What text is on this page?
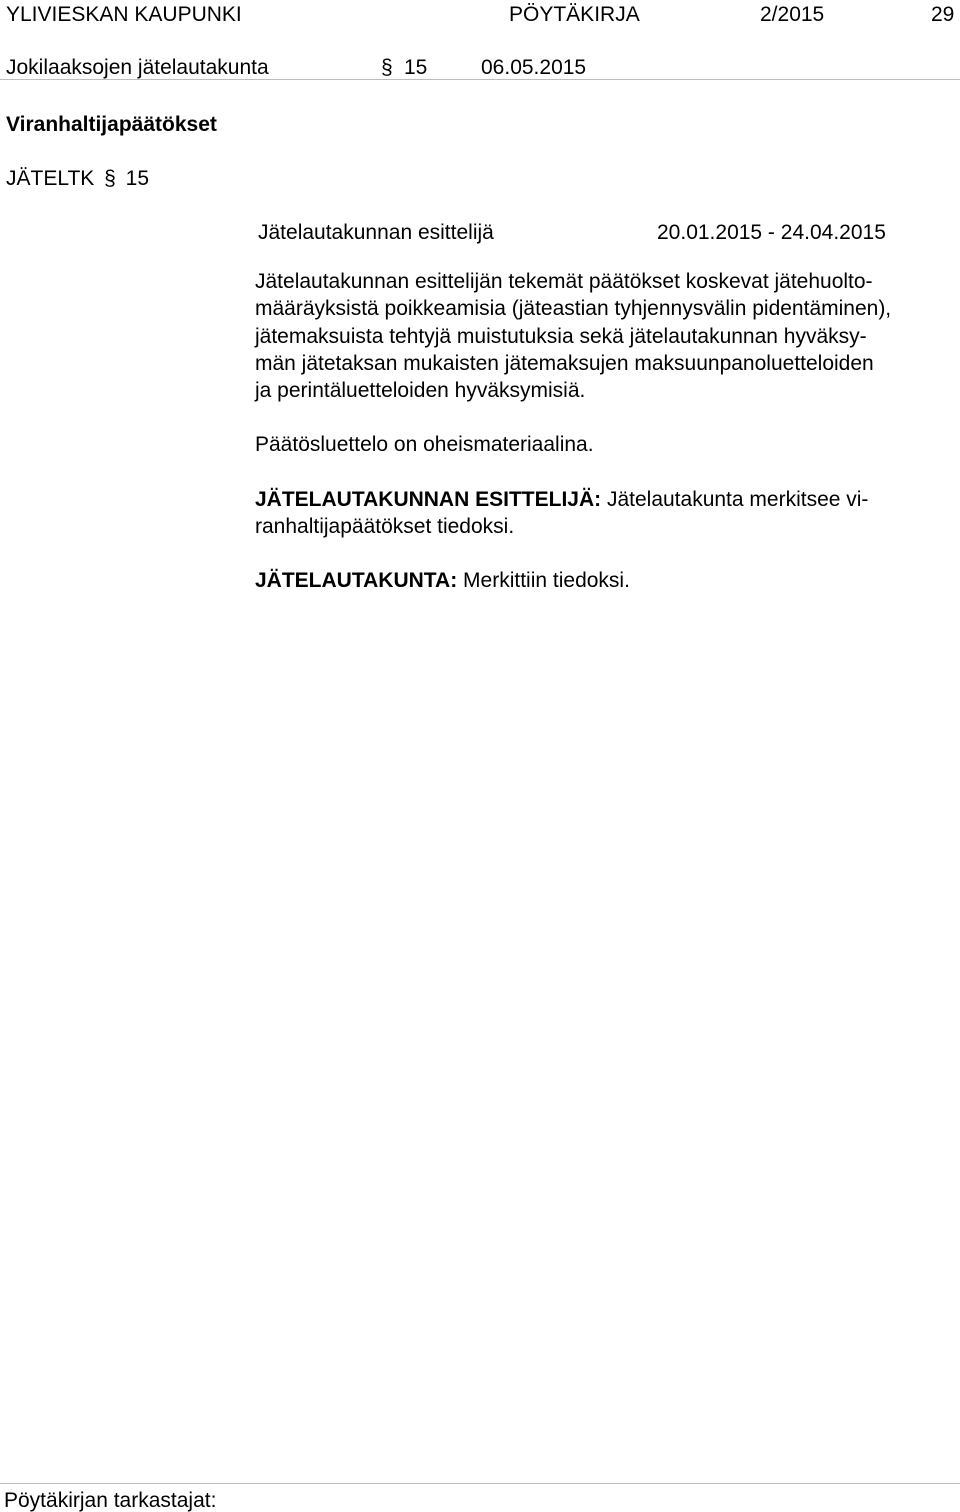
YLIVIESKAN KAUPUNKI	PÖYTÄKIRJA	2/2015	29
Jokilaaksojen jätelautakunta	§ 15	06.05.2015
Viranhaltijapäätökset
JÄTELTK § 15
Jätelautakunnan esittelijä	20.01.2015 - 24.04.2015
Jätelautakunnan esittelijän tekemät päätökset koskevat jätehuolto-
määräyksistä poikkeamisia (jäteastian tyhjennysvälin pidentäminen),
jätemaksuista tehtyjä muistutuksia sekä jätelautakunnan hyväksy-
män jätetaksan mukaisten jätemaksujen maksuunpanoluetteloiden
ja perintäluetteloiden hyväksymisiä.
Päätösluettelo on oheismateriaalina.
JÄTELAUTAKUNNAN ESITTELIJÄ: Jätelautakunta merkitsee vi-
ranhaltijapäätökset tiedoksi.
JÄTELAUTAKUNTA: Merkittiin tiedoksi.
Pöytäkirjan tarkastajat:
